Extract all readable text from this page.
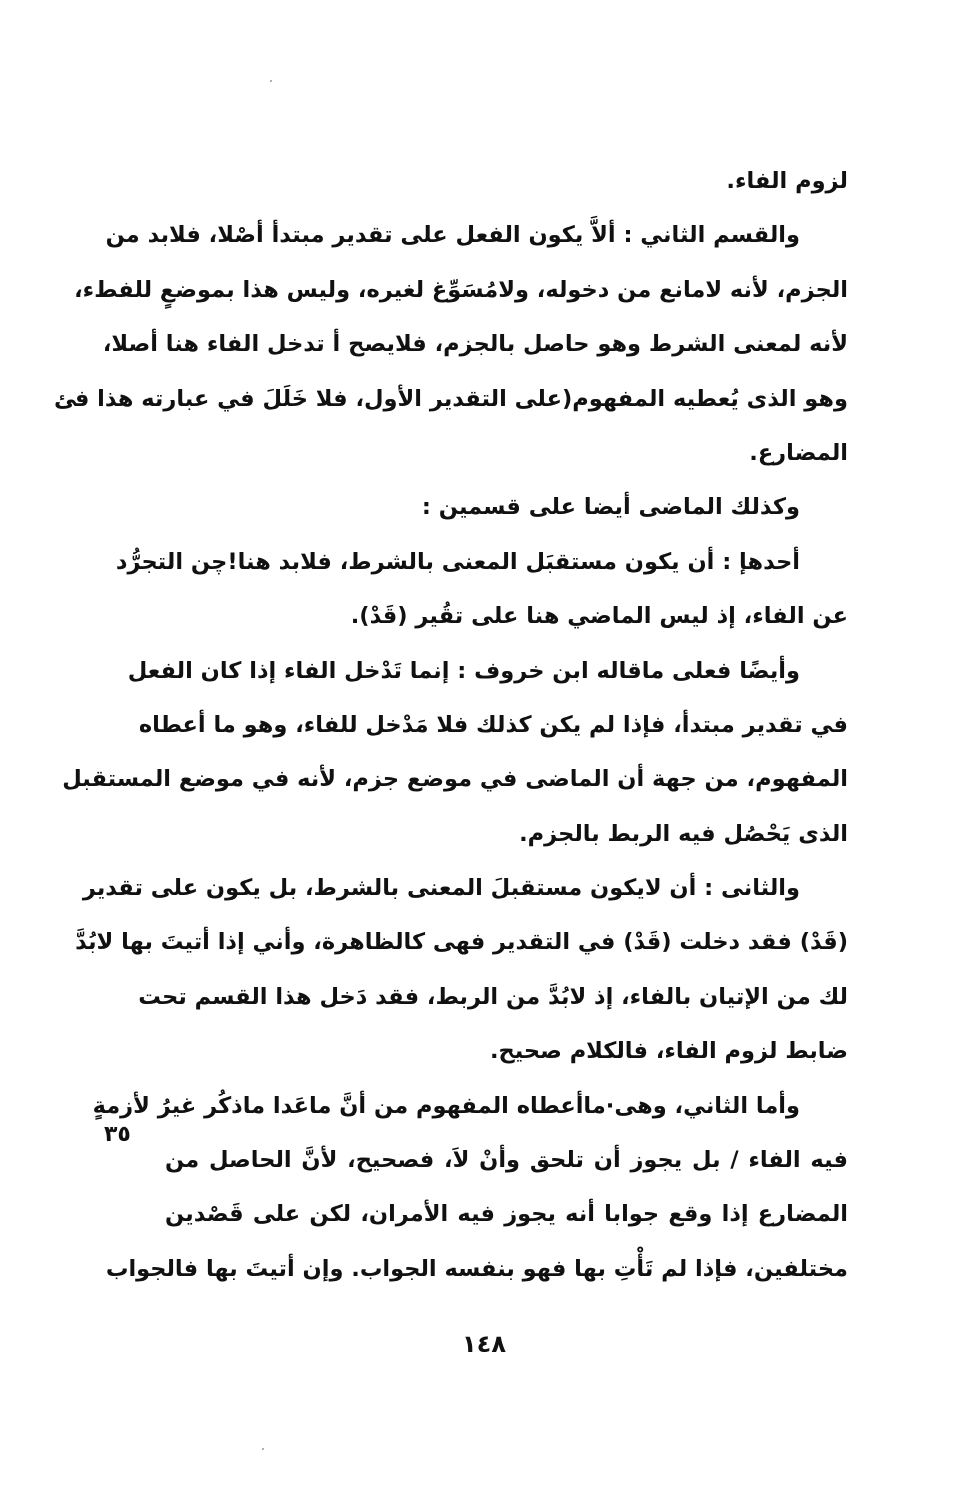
لزوم الفاء.
والقسم الثاني : ألاَّ يكون الفعل على تقدير مبتدأ أصْلا، فلابد من
الجزم، لأنه لامانع من دخوله، ولامُسَوِّغ لغيره، وليس هذا بموضعٍ للفطء،
لأنه لمعنى الشرط وهو حاصل بالجزم، فلايصح أ تدخل الفاء هنا أصلا،
وهو الذى يُعطيه المفهوم(على التقدير الأول، فلا خَلَلَ في عبارته هذا فئ
المضارع.
وكذلك الماضى أيضا على قسمين :
أحدهإ : أن يكون مستقبَل المعنى بالشرط، فلابد هنا!چن التجرُّد
عن الفاء، إذ ليس الماضي هنا على تقُير (قَدْ).
وأيضًا فعلى ماقاله ابن خروف : إنما تَدْخل الفاء إذا كان الفعل
في تقدير مبتدأ، فإذا لم يكن كذلك فلا مَدْخل للفاء، وهو ما أعطاه
المفهوم، من جهة أن الماضى في موضع جزم، لأنه في موضع المستقبل
الذى يَحْصُل فيه الربط بالجزم.
والثانى : أن لايكون مستقبلَ المعنى بالشرط، بل يكون على تقدير
(قَدْ) فقد دخلت (قَدْ) في التقدير فهى كالظاهرة، وأني إذا أتيتَ بها لابُدَّ
لك من الإتيان بالفاء، إذ لابُدَّ من الربط، فقد دَخل هذا القسم تحت
ضابط لزوم الفاء، فالكلام صحيح.
وأما الثاني، وهى·ماأعطاه المفهوم من أنَّ ماعَدا ماذكُر غيرُ لأزمةٍ
فيه الفاء / بل يجوز أن تلحق وأنْ لاَ، فصحيح، لأنَّ الحاصل من
المضارع إذا وقع جوابا أنه يجوز فيه الأمران، لكن على قَصْدين
مختلفين، فإذا لم تَأْتِ بها فهو بنفسه الجواب. وإن أتيتَ بها فالجواب
٣٥
١٤٨
